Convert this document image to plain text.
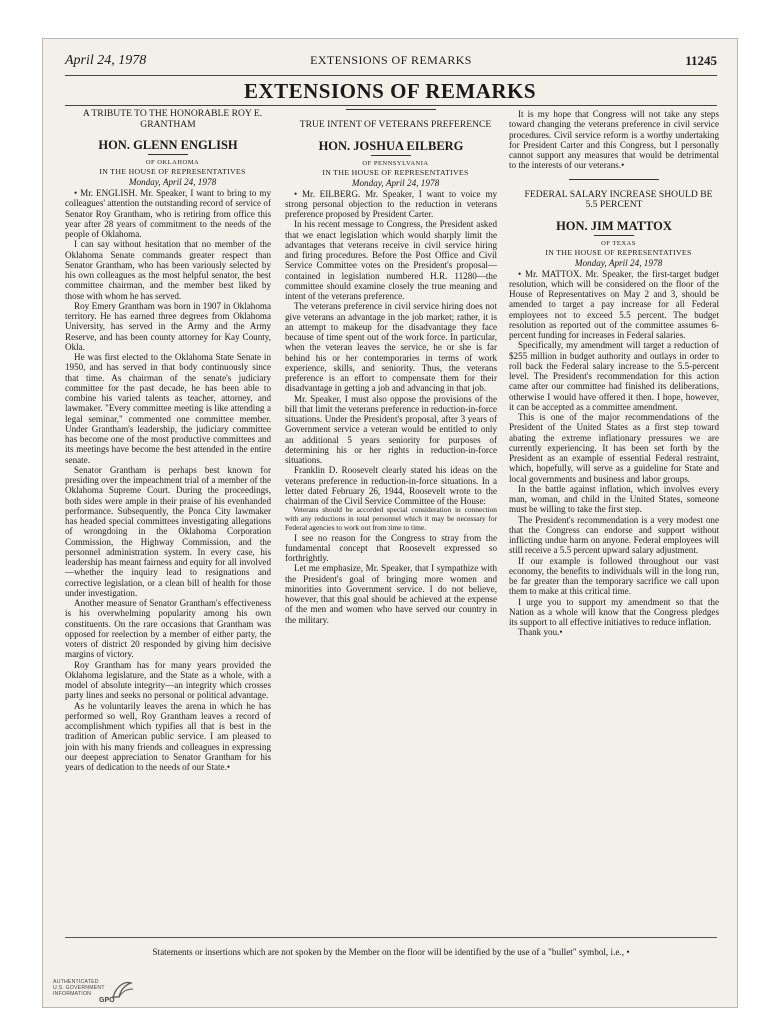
April 24, 1978	EXTENSIONS OF REMARKS	11245
EXTENSIONS OF REMARKS

A TRIBUTE TO THE HONORABLE ROY E. GRANTHAM

HON. GLENN ENGLISH

OF OKLAHOMA

IN THE HOUSE OF REPRESENTATIVES

Monday, April 24, 1978

• Mr. ENGLISH. Mr. Speaker, I want to bring to my colleagues' attention the outstanding record of service of Senator Roy Grantham, who is retiring from office this year after 28 years of commitment to the needs of the people of Oklahoma.

I can say without hesitation that no member of the Oklahoma Senate commands greater respect than Senator Grantham, who has been variously selected by his own colleagues as the most helpful senator, the best committee chairman, and the member best liked by those with whom he has served.

Roy Emery Grantham was born in 1907 in Oklahoma territory. He has earned three degrees from Oklahoma University, has served in the Army and the Army Reserve, and has been county attorney for Kay County, Okla.

He was first elected to the Oklahoma State Senate in 1950, and has served in that body continuously since that time. As chairman of the senate's judiciary committee for the past decade, he has been able to combine his varied talents as teacher, attorney, and lawmaker. "Every committee meeting is like attending a legal seminar," commented one committee member. Under Grantham's leadership, the judiciary committee has become one of the most productive committees and its meetings have become the best attended in the entire senate.

Senator Grantham is perhaps best known for presiding over the impeachment trial of a member of the Oklahoma Supreme Court. During the proceedings, both sides were ample in their praise of his evenhanded performance. Subsequently, the Ponca City lawmaker has headed special committees investigating allegations of wrongdoing in the Oklahoma Corporation Commission, the Highway Commission, and the personnel administration system. In every case, his leadership has meant fairness and equity for all involved—whether the inquiry lead to resignations and corrective legislation, or a clean bill of health for those under investigation.

Another measure of Senator Grantham's effectiveness is his overwhelming popularity among his own constituents. On the rare occasions that Grantham was opposed for reelection by a member of either party, the voters of district 20 responded by giving him decisive margins of victory.

Roy Grantham has for many years provided the Oklahoma legislature, and the State as a whole, with a model of absolute integrity—an integrity which crosses party lines and seeks no personal or political advantage.

As he voluntarily leaves the arena in which he has performed so well, Roy Grantham leaves a record of accomplishment which typifies all that is best in the tradition of American public service. I am pleased to join with his many friends and colleagues in expressing our deepest appreciation to Senator Grantham for his years of dedication to the needs of our State.•

TRUE INTENT OF VETERANS PREFERENCE

HON. JOSHUA EILBERG

OF PENNSYLVANIA

IN THE HOUSE OF REPRESENTATIVES

Monday, April 24, 1978

• Mr. EILBERG. Mr. Speaker, I want to voice my strong personal objection to the reduction in veterans preference proposed by President Carter.

In his recent message to Congress, the President asked that we enact legislation which would sharply limit the advantages that veterans receive in civil service hiring and firing procedures. Before the Post Office and Civil Service Committee votes on the President's proposal—contained in legislation numbered H.R. 11280—the committee should examine closely the true meaning and intent of the veterans preference.

The veterans preference in civil service hiring does not give veterans an advantage in the job market; rather, it is an attempt to makeup for the disadvantage they face because of time spent out of the work force. In particular, when the veteran leaves the service, he or she is far behind his or her contemporaries in terms of work experience, skills, and seniority. Thus, the veterans preference is an effort to compensate them for their disadvantage in getting a job and advancing in that job.

Mr. Speaker, I must also oppose the provisions of the bill that limit the veterans preference in reduction-in-force situations. Under the President's proposal, after 3 years of Government service a veteran would be entitled to only an additional 5 years seniority for purposes of determining his or her rights in reduction-in-force situations.

Franklin D. Roosevelt clearly stated his ideas on the veterans preference in reduction-in-force situations. In a letter dated February 26, 1944, Roosevelt wrote to the chairman of the Civil Service Committee of the House:

Veterans should be accorded special consideration in connection with any reductions in total personnel which it may be necessary for Federal agencies to work out from time to time.

I see no reason for the Congress to stray from the fundamental concept that Roosevelt expressed so forthrightly.

Let me emphasize, Mr. Speaker, that I sympathize with the President's goal of bringing more women and minorities into Government service. I do not believe, however, that this goal should be achieved at the expense of the men and women who have served our country in the military.

It is my hope that Congress will not take any steps toward changing the veterans preference in civil service procedures. Civil service reform is a worthy undertaking for President Carter and this Congress, but I personally cannot support any measures that would be detrimental to the interests of our veterans.•

FEDERAL SALARY INCREASE SHOULD BE 5.5 PERCENT

HON. JIM MATTOX

OF TEXAS

IN THE HOUSE OF REPRESENTATIVES

Monday, April 24, 1978

• Mr. MATTOX. Mr. Speaker, the first-target budget resolution, which will be considered on the floor of the House of Representatives on May 2 and 3, should be amended to target a pay increase for all Federal employees not to exceed 5.5 percent. The budget resolution as reported out of the committee assumes 6-percent funding for increases in Federal salaries.

Specifically, my amendment will target a reduction of $255 million in budget authority and outlays in order to roll back the Federal salary increase to the 5.5-percent level. The President's recommendation for this action came after our committee had finished its deliberations, otherwise I would have offered it then. I hope, however, it can be accepted as a committee amendment.

This is one of the major recommendations of the President of the United States as a first step toward abating the extreme inflationary pressures we are currently experiencing. It has been set forth by the President as an example of essential Federal restraint, which, hopefully, will serve as a guideline for State and local governments and business and labor groups.

In the battle against inflation, which involves every man, woman, and child in the United States, someone must be willing to take the first step.

The President's recommendation is a very modest one that the Congress can endorse and support without inflicting undue harm on anyone. Federal employees will still receive a 5.5 percent upward salary adjustment.

If our example is followed throughout our vast economy, the benefits to individuals will in the long run, be far greater than the temporary sacrifice we call upon them to make at this critical time.

I urge you to support my amendment so that the Nation as a whole will know that the Congress pledges its support to all effective initiatives to reduce inflation.

Thank you.•

Statements or insertions which are not spoken by the Member on the floor will be identified by the use of a "bullet" symbol, i.e., •
AUTHENTICATED U.S. GOVERNMENT INFORMATION
GPO
